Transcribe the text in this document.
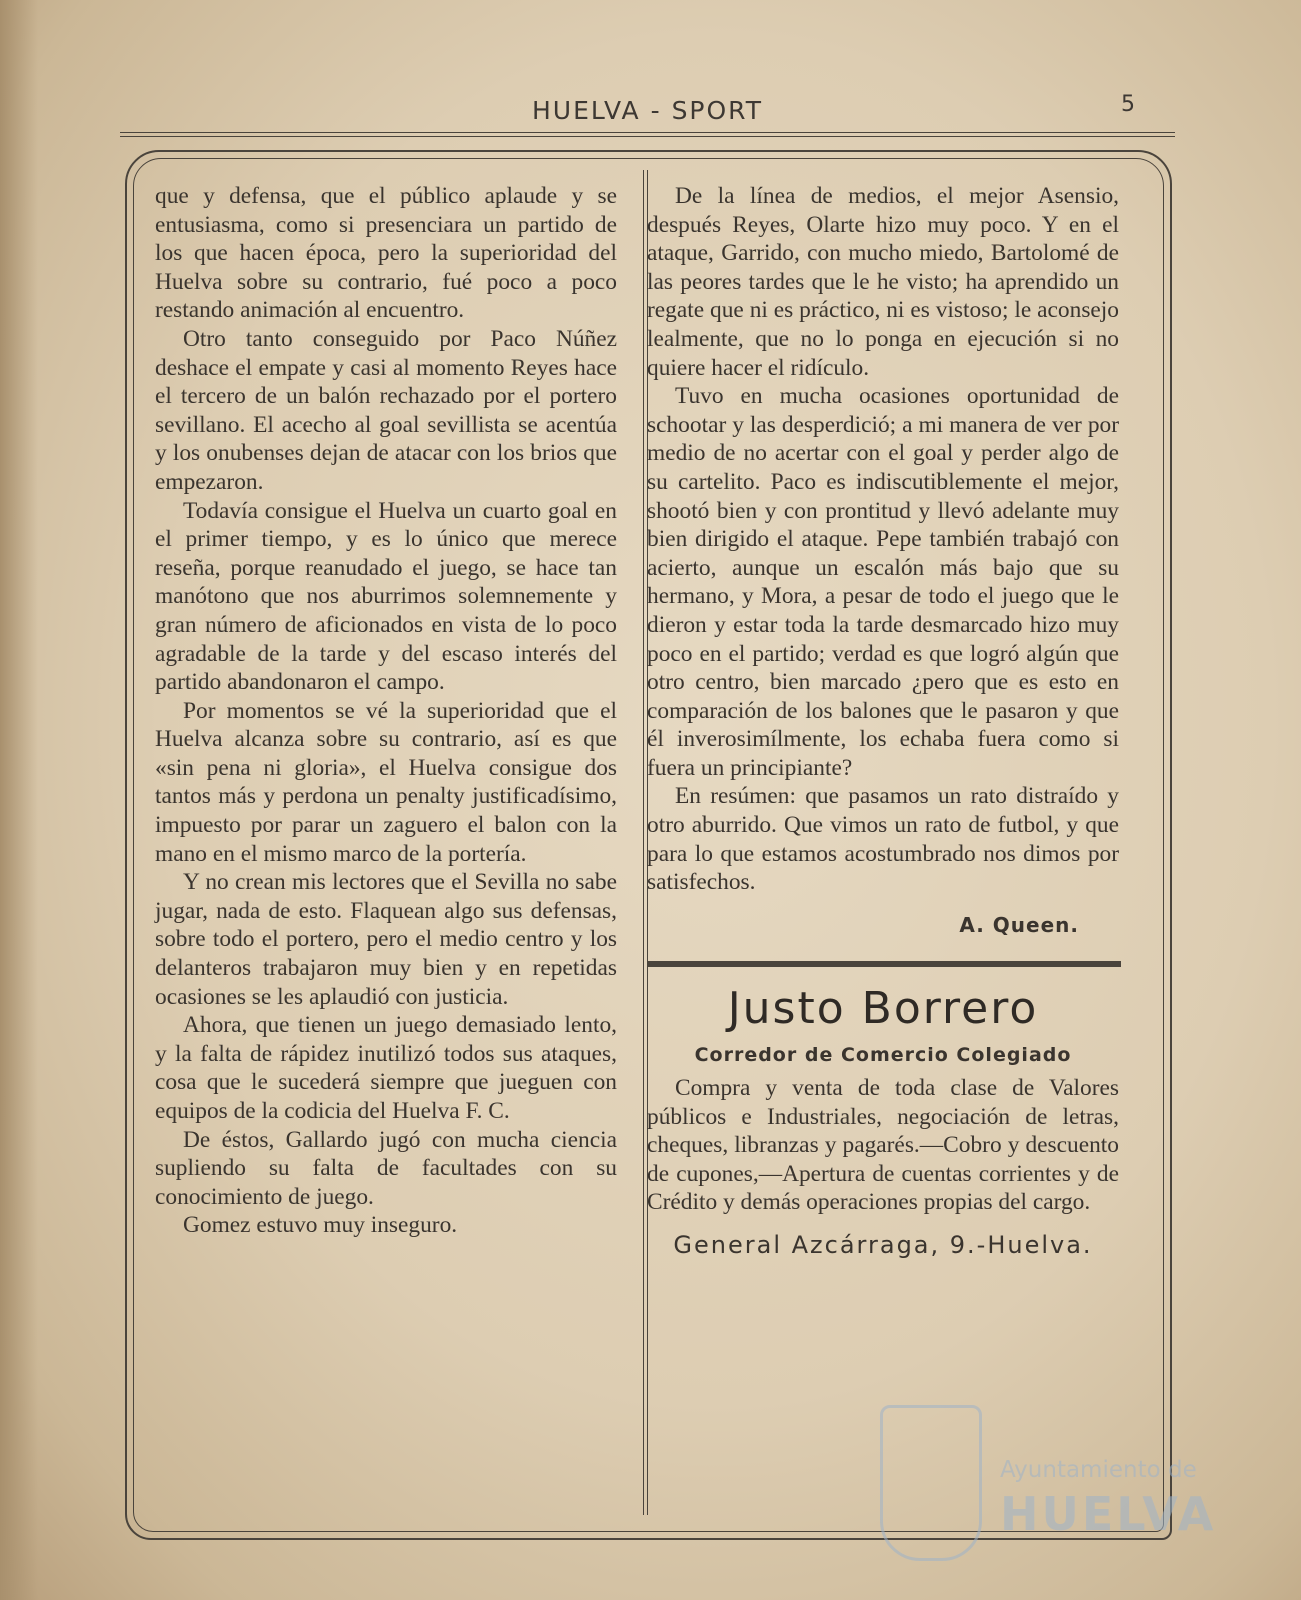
HUELVA - SPORT	5

que y defensa, que el público aplaude y se entusiasma, como si presenciara un partido de los que hacen época, pero la superioridad del Huelva sobre su contrario, fué poco a poco restando animación al encuentro.

Otro tanto conseguido por Paco Núñez deshace el empate y casi al momento Reyes hace el tercero de un balón rechazado por el portero sevillano. El acecho al goal sevillista se acentúa y los onubenses dejan de atacar con los brios que empezaron.

Todavía consigue el Huelva un cuarto goal en el primer tiempo, y es lo único que merece reseña, porque reanudado el juego, se hace tan manótono que nos aburrimos solemnemente y gran número de aficionados en vista de lo poco agradable de la tarde y del escaso interés del partido abandonaron el campo.

Por momentos se vé la superioridad que el Huelva alcanza sobre su contrario, así es que «sin pena ni gloria», el Huelva consigue dos tantos más y perdona un penalty justificadísimo, impuesto por parar un zaguero el balon con la mano en el mismo marco de la portería.

Y no crean mis lectores que el Sevilla no sabe jugar, nada de esto. Flaquean algo sus defensas, sobre todo el portero, pero el medio centro y los delanteros trabajaron muy bien y en repetidas ocasiones se les aplaudió con justicia.

Ahora, que tienen un juego demasiado lento, y la falta de rápidez inutilizó todos sus ataques, cosa que le sucederá siempre que jueguen con equipos de la codicia del Huelva F. C.

De éstos, Gallardo jugó con mucha ciencia supliendo su falta de facultades con su conocimiento de juego.

Gomez estuvo muy inseguro.

De la línea de medios, el mejor Asensio, después Reyes, Olarte hizo muy poco. Y en el ataque, Garrido, con mucho miedo, Bartolomé de las peores tardes que le he visto; ha aprendido un regate que ni es práctico, ni es vistoso; le aconsejo lealmente, que no lo ponga en ejecución si no quiere hacer el ridículo.

Tuvo en mucha ocasiones oportunidad de schootar y las desperdició; a mi manera de ver por medio de no acertar con el goal y perder algo de su cartelito. Paco es indiscutiblemente el mejor, shootó bien y con prontitud y llevó adelante muy bien dirigido el ataque. Pepe también trabajó con acierto, aunque un escalón más bajo que su hermano, y Mora, a pesar de todo el juego que le dieron y estar toda la tarde desmarcado hizo muy poco en el partido; verdad es que logró algún que otro centro, bien marcado ¿pero que es esto en comparación de los balones que le pasaron y que él inverosimílmente, los echaba fuera como si fuera un principiante?

En resúmen: que pasamos un rato distraído y otro aburrido. Que vimos un rato de futbol, y que para lo que estamos acostumbrado nos dimos por satisfechos.

A. Queen.

Justo Borrero

Corredor de Comercio Colegiado

Compra y venta de toda clase de Valores públicos e Industriales, negociación de letras, cheques, libranzas y pagarés.—Cobro y descuento de cupones,—Apertura de cuentas corrientes y de Crédito y demás operaciones propias del cargo.

General Azcárraga, 9.-Huelva.

Ayuntamiento de
HUELVA
